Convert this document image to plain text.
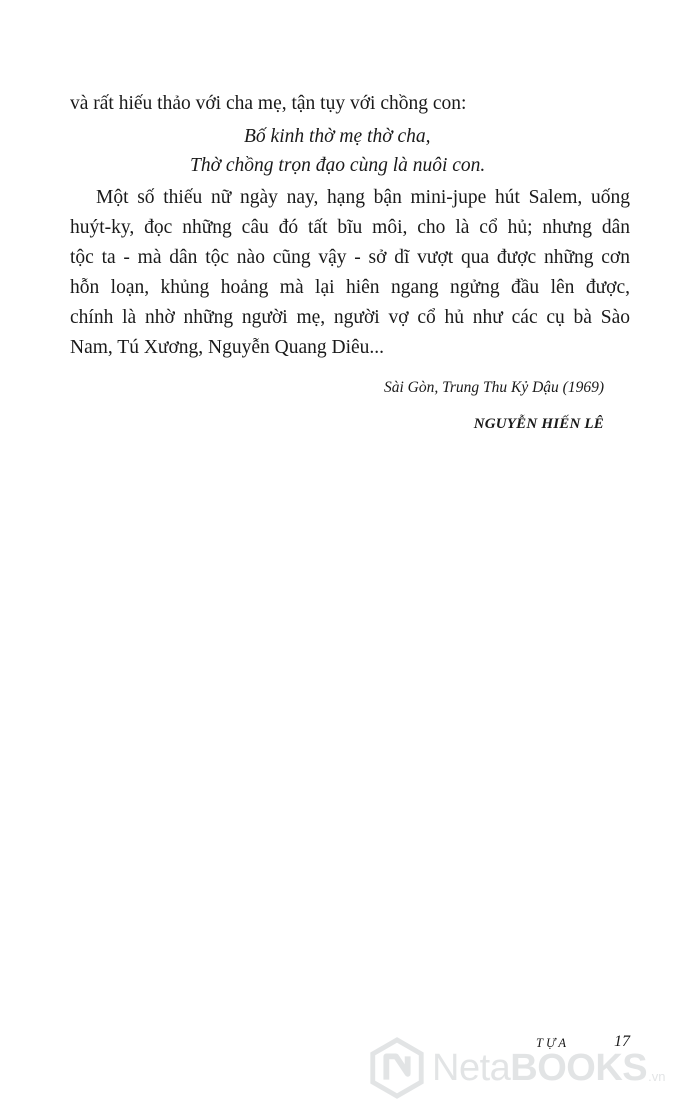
và rất hiếu thảo với cha mẹ, tận tụy với chồng con:
Bố kinh thờ mẹ thờ cha,
Thờ chồng trọn đạo cùng là nuôi con.
Một số thiếu nữ ngày nay, hạng bận mini-jupe hút Salem, uống
huýt-ky, đọc những câu đó tất bĩu môi, cho là cổ hủ; nhưng dân
tộc ta - mà dân tộc nào cũng vậy - sở dĩ vượt qua được những cơn
hỗn loạn, khủng hoảng mà lại hiên ngang ngửng đầu lên được,
chính là nhờ những người mẹ, người vợ cổ hủ như các cụ bà Sào
Nam, Tú Xương, Nguyễn Quang Diêu...
Sài Gòn, Trung Thu Kỷ Dậu (1969)
NGUYỄN HIẾN LÊ
TỰA	17
NetaBOOKS .vn
